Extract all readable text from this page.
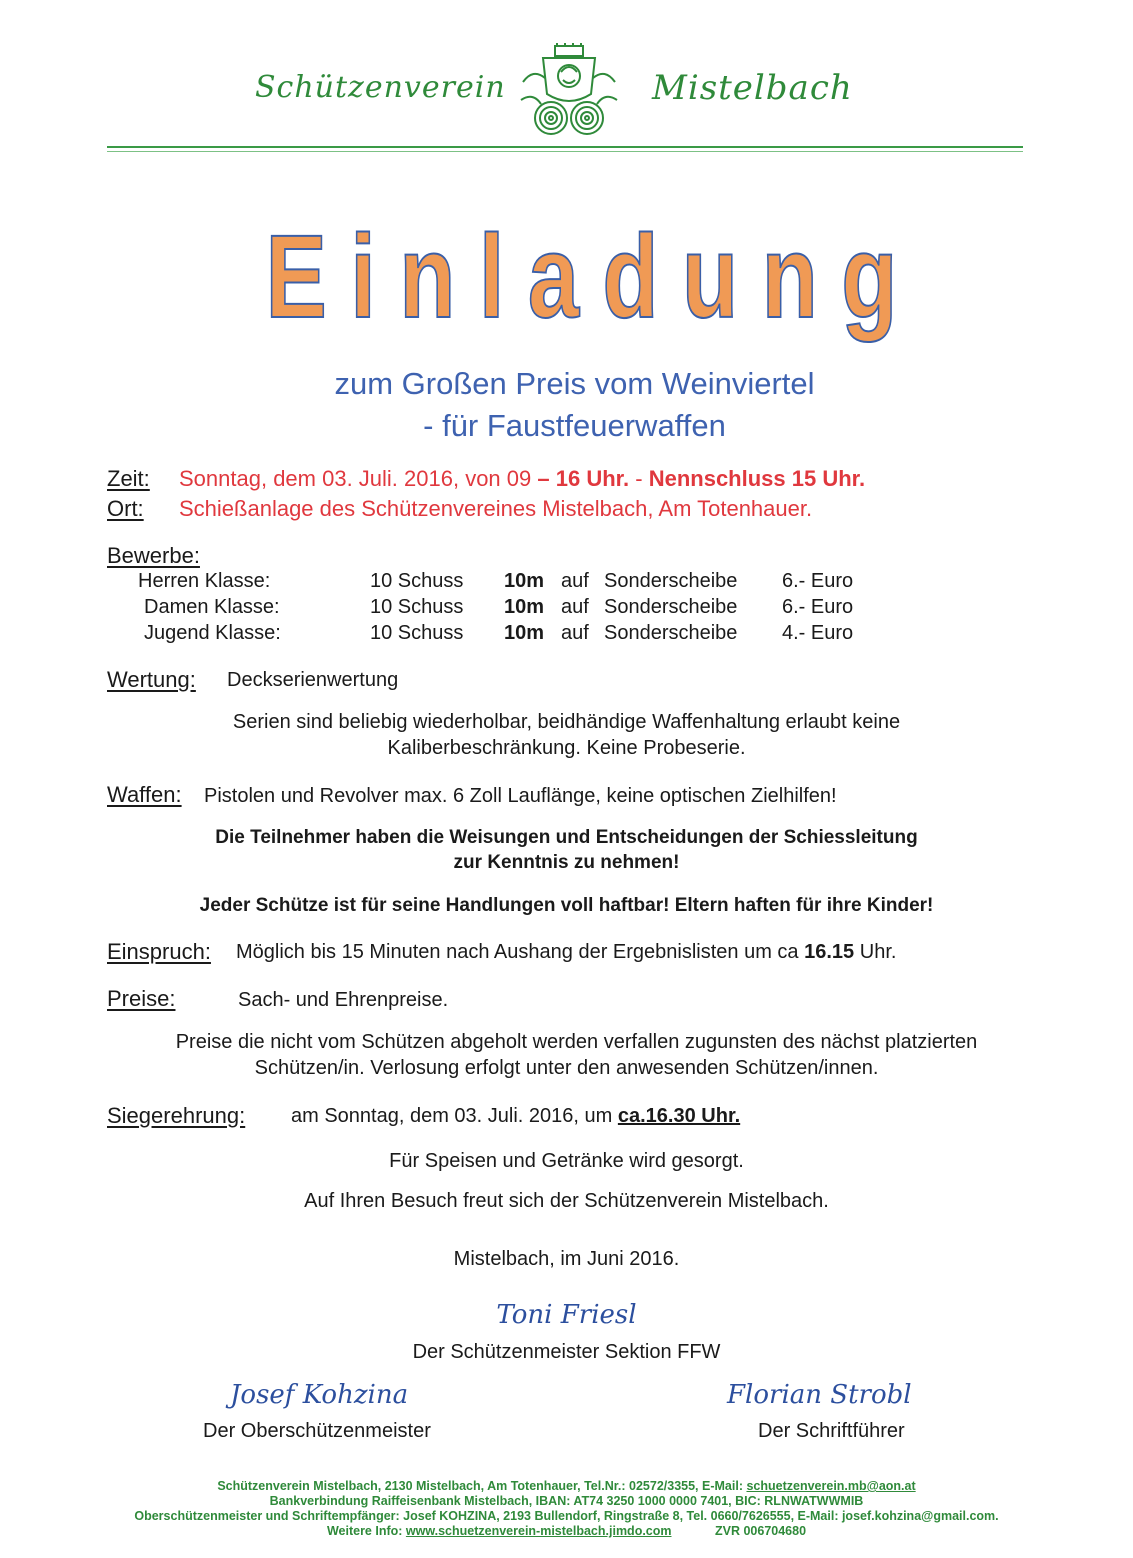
Schützenverein	Mistelbach
Einladung
zum Großen Preis vom Weinviertel
- für Faustfeuerwaffen
Zeit: Sonntag, dem 03. Juli. 2016, von 09 – 16 Uhr. - Nennschluss 15 Uhr.
Ort: Schießanlage des Schützenvereines Mistelbach, Am Totenhauer.
Bewerbe:
Herren Klasse:	10 Schuss	10m	auf	Sonderscheibe	6.- Euro
Damen Klasse:	10 Schuss	10m	auf	Sonderscheibe	6.- Euro
Jugend Klasse:	10 Schuss	10m	auf	Sonderscheibe	4.- Euro
Wertung: Deckserienwertung
Serien sind beliebig wiederholbar, beidhändige Waffenhaltung erlaubt keine
Kaliberbeschränkung. Keine Probeserie.
Waffen: Pistolen und Revolver max. 6 Zoll Lauflänge, keine optischen Zielhilfen!
Die Teilnehmer haben die Weisungen und Entscheidungen der Schiessleitung
zur Kenntnis zu nehmen!
Jeder Schütze ist für seine Handlungen voll haftbar! Eltern haften für ihre Kinder!
Einspruch: Möglich bis 15 Minuten nach Aushang der Ergebnislisten um ca 16.15 Uhr.
Preise:	Sach- und Ehrenpreise.
Preise die nicht vom Schützen abgeholt werden verfallen zugunsten des nächst platzierten
Schützen/in. Verlosung erfolgt unter den anwesenden Schützen/innen.
Siegerehrung: am Sonntag, dem 03. Juli. 2016, um ca.16.30 Uhr.
Für Speisen und Getränke wird gesorgt.
Auf Ihren Besuch freut sich der Schützenverein Mistelbach.
Mistelbach, im Juni 2016.
Toni Friesl
Der Schützenmeister Sektion FFW
Josef Kohzina
Der Oberschützenmeister
Florian Strobl
Der Schriftführer
Schützenverein Mistelbach, 2130 Mistelbach, Am Totenhauer, Tel.Nr.: 02572/3355, E-Mail: schuetzenverein.mb@aon.at
Bankverbindung Raiffeisenbank Mistelbach, IBAN: AT74 3250 1000 0000 7401, BIC: RLNWATWWMIB
Oberschützenmeister und Schriftempfänger: Josef KOHZINA, 2193 Bullendorf, Ringstraße 8, Tel. 0660/7626555, E-Mail: josef.kohzina@gmail.com.
Weitere Info: www.schuetzenverein-mistelbach.jimdo.com	ZVR 006704680
